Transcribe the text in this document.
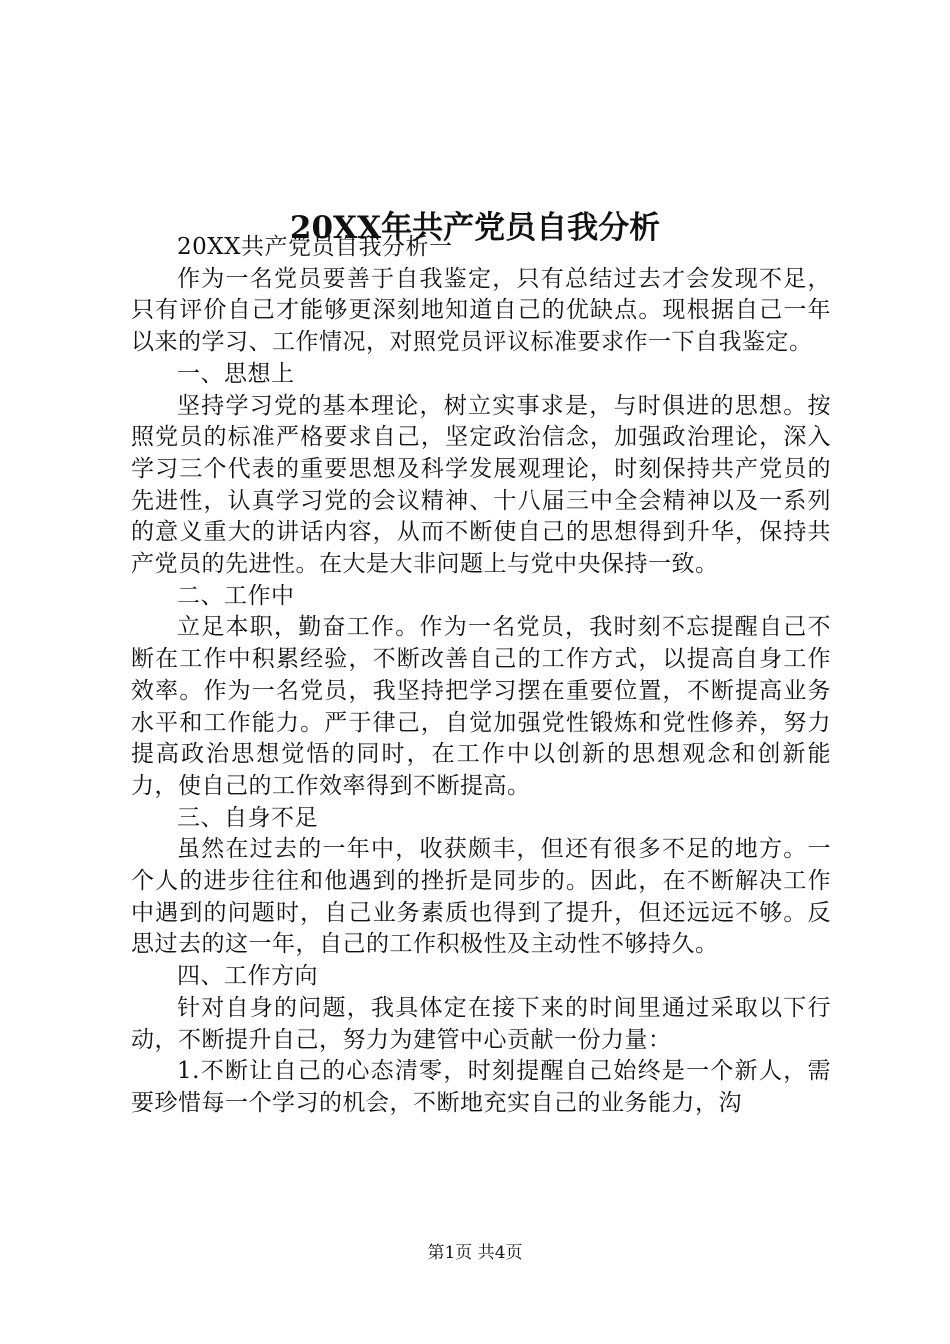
20XX年共产党员自我分析

20XX共产党员自我分析一

作为一名党员要善于自我鉴定，只有总结过去才会发现不足，只有评价自己才能够更深刻地知道自己的优缺点。现根据自己一年以来的学习、工作情况，对照党员评议标准要求作一下自我鉴定。

一、思想上

坚持学习党的基本理论，树立实事求是，与时俱进的思想。按照党员的标准严格要求自己，坚定政治信念，加强政治理论，深入学习三个代表的重要思想及科学发展观理论，时刻保持共产党员的先进性，认真学习党的会议精神、十八届三中全会精神以及一系列的意义重大的讲话内容，从而不断使自己的思想得到升华，保持共产党员的先进性。在大是大非问题上与党中央保持一致。

二、工作中

立足本职，勤奋工作。作为一名党员，我时刻不忘提醒自己不断在工作中积累经验，不断改善自己的工作方式，以提高自身工作效率。作为一名党员，我坚持把学习摆在重要位置，不断提高业务水平和工作能力。严于律己，自觉加强党性锻炼和党性修养，努力提高政治思想觉悟的同时，在工作中以创新的思想观念和创新能力，使自己的工作效率得到不断提高。

三、自身不足

虽然在过去的一年中，收获颇丰，但还有很多不足的地方。一个人的进步往往和他遇到的挫折是同步的。因此，在不断解决工作中遇到的问题时，自己业务素质也得到了提升，但还远远不够。反思过去的这一年，自己的工作积极性及主动性不够持久。

四、工作方向

针对自身的问题，我具体定在接下来的时间里通过采取以下行动，不断提升自己，努力为建管中心贡献一份力量：

1.不断让自己的心态清零，时刻提醒自己始终是一个新人，需要珍惜每一个学习的机会，不断地充实自己的业务能力，沟

第1页 共4页
